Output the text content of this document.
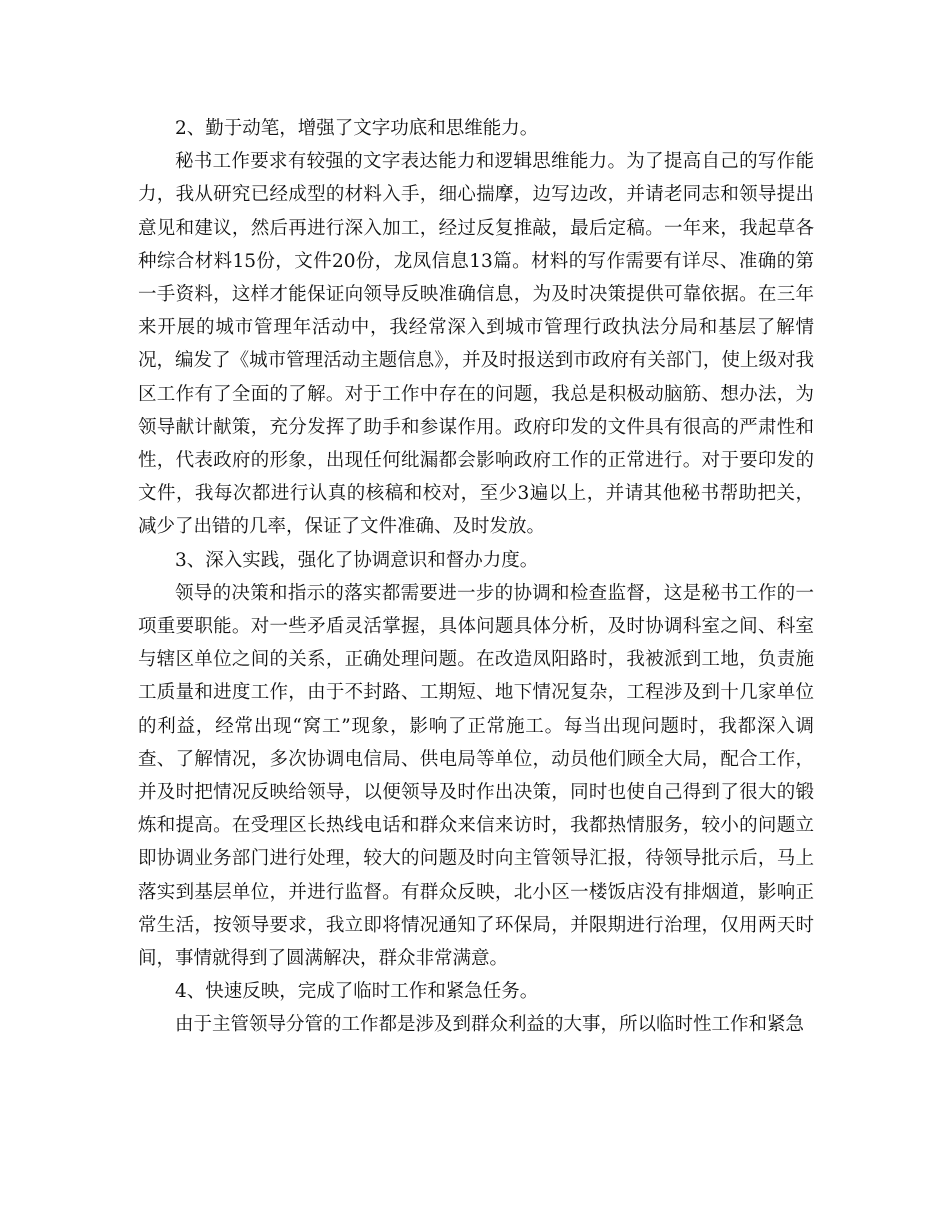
2、勤于动笔，增强了文字功底和思维能力。

秘书工作要求有较强的文字表达能力和逻辑思维能力。为了提高自己的写作能力，我从研究已经成型的材料入手，细心揣摩，边写边改，并请老同志和领导提出意见和建议，然后再进行深入加工，经过反复推敲，最后定稿。一年来，我起草各种综合材料15份，文件20份，龙凤信息13篇。材料的写作需要有详尽、准确的第一手资料，这样才能保证向领导反映准确信息，为及时决策提供可靠依据。在三年来开展的城市管理年活动中，我经常深入到城市管理行政执法分局和基层了解情况，编发了《城市管理活动主题信息》，并及时报送到市政府有关部门，使上级对我区工作有了全面的了解。对于工作中存在的问题，我总是积极动脑筋、想办法，为领导献计献策，充分发挥了助手和参谋作用。政府印发的文件具有很高的严肃性和性，代表政府的形象，出现任何纰漏都会影响政府工作的正常进行。对于要印发的文件，我每次都进行认真的核稿和校对，至少3遍以上，并请其他秘书帮助把关，减少了出错的几率，保证了文件准确、及时发放。

3、深入实践，强化了协调意识和督办力度。

领导的决策和指示的落实都需要进一步的协调和检查监督，这是秘书工作的一项重要职能。对一些矛盾灵活掌握，具体问题具体分析，及时协调科室之间、科室与辖区单位之间的关系，正确处理问题。在改造凤阳路时，我被派到工地，负责施工质量和进度工作，由于不封路、工期短、地下情况复杂，工程涉及到十几家单位的利益，经常出现“窝工”现象，影响了正常施工。每当出现问题时，我都深入调查、了解情况，多次协调电信局、供电局等单位，动员他们顾全大局，配合工作，并及时把情况反映给领导，以便领导及时作出决策，同时也使自己得到了很大的锻炼和提高。在受理区长热线电话和群众来信来访时，我都热情服务，较小的问题立即协调业务部门进行处理，较大的问题及时向主管领导汇报，待领导批示后，马上落实到基层单位，并进行监督。有群众反映，北小区一楼饭店没有排烟道，影响正常生活，按领导要求，我立即将情况通知了环保局，并限期进行治理，仅用两天时间，事情就得到了圆满解决，群众非常满意。

4、快速反映，完成了临时工作和紧急任务。

由于主管领导分管的工作都是涉及到群众利益的大事，所以临时性工作和紧急
